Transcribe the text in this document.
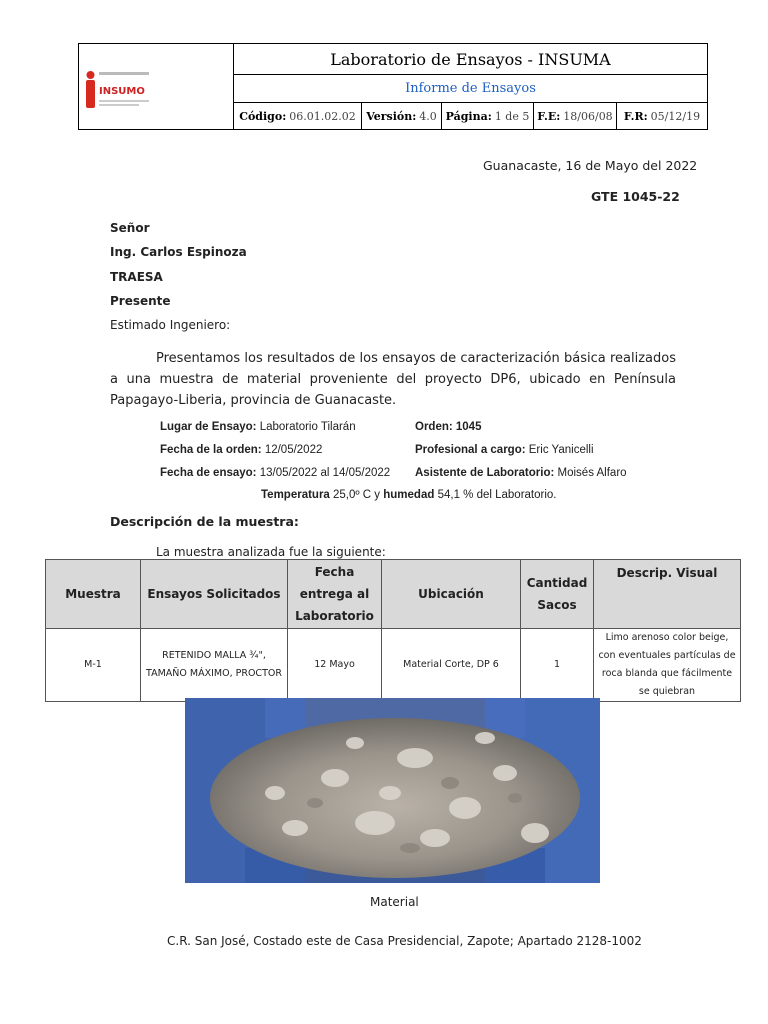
INSUMO
Laboratorio de Ensayos - INSUMA
Informe de Ensayos
Código: 06.01.02.02 Versión: 4.0 Página: 1 de 5 F.E: 18/06/08 F.R: 05/12/19
Guanacaste, 16 de Mayo del 2022
GTE 1045-22
Señor
Ing. Carlos Espinoza
TRAESA
Presente
Estimado Ingeniero:
Presentamos los resultados de los ensayos de caracterización básica realizados a una muestra de material proveniente del proyecto DP6, ubicado en Península Papagayo-Liberia, provincia de Guanacaste.
Lugar de Ensayo: Laboratorio Tilarán	Orden: 1045
Fecha de la orden: 12/05/2022	Profesional a cargo: Eric Yanicelli
Fecha de ensayo: 13/05/2022 al 14/05/2022 Asistente de Laboratorio: Moisés Alfaro
Temperatura 25,0º C y humedad 54,1 % del Laboratorio.
Descripción de la muestra:
La muestra analizada fue la siguiente:
Muestra	Ensayos Solicitados	Fecha entrega al Laboratorio	Ubicación	Cantidad Sacos	Descrip. Visual
M-1	RETENIDO MALLA ¾", TAMAÑO MÁXIMO, PROCTOR	12 Mayo	Material Corte, DP 6	1	Limo arenoso color beige, con eventuales partículas de roca blanda que fácilmente se quiebran
Material
C.R. San José, Costado este de Casa Presidencial, Zapote; Apartado 2128-1002
